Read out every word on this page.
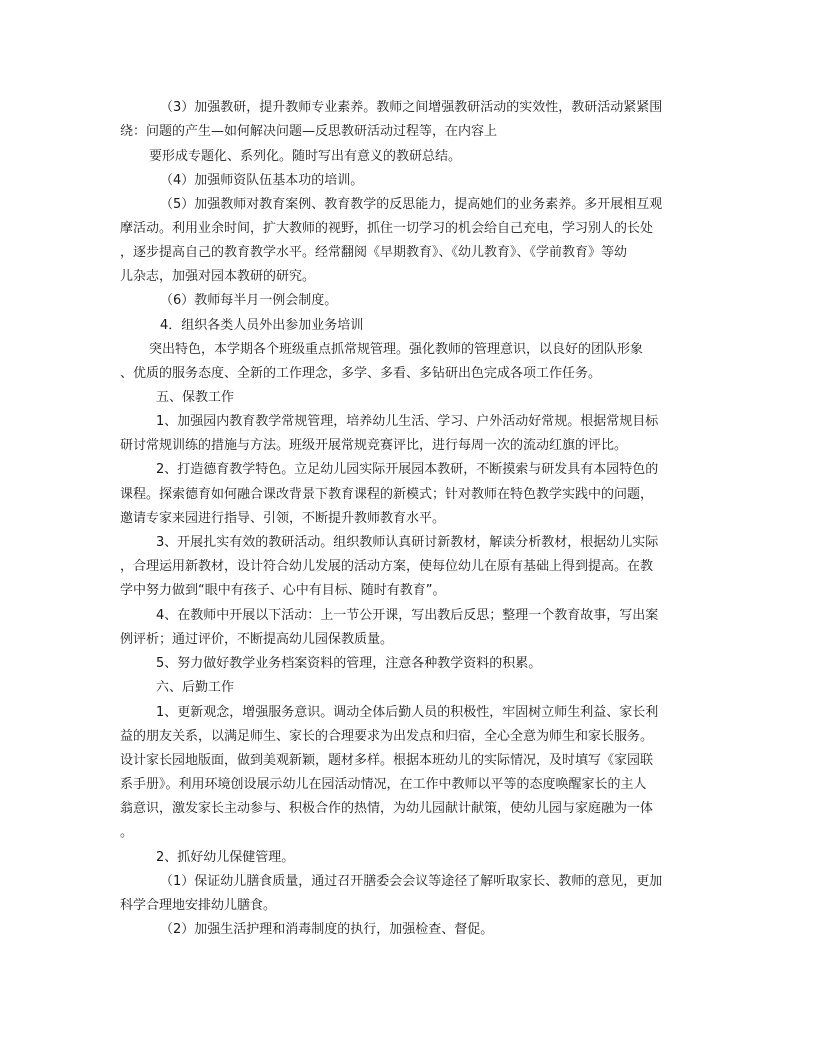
（3）加强教研，提升教师专业素养。教师之间增强教研活动的实效性，教研活动紧紧围
绕：问题的产生—如何解决问题—反思教研活动过程等，在内容上
要形成专题化、系列化。随时写出有意义的教研总结。
（4）加强师资队伍基本功的培训。
（5）加强教师对教育案例、教育教学的反思能力，提高她们的业务素养。多开展相互观
摩活动。利用业余时间，扩大教师的视野，抓住一切学习的机会给自己充电，学习别人的长处
，逐步提高自己的教育教学水平。经常翻阅《早期教育》、《幼儿教育》、《学前教育》等幼
儿杂志，加强对园本教研的研究。
（6）教师每半月一例会制度。
4．组织各类人员外出参加业务培训
突出特色，本学期各个班级重点抓常规管理。强化教师的管理意识，以良好的团队形象
、优质的服务态度、全新的工作理念，多学、多看、多钻研出色完成各项工作任务。
五、保教工作
1、加强园内教育教学常规管理，培养幼儿生活、学习、户外活动好常规。根据常规目标
研讨常规训练的措施与方法。班级开展常规竞赛评比，进行每周一次的流动红旗的评比。
2、打造德育教学特色。立足幼儿园实际开展园本教研，不断摸索与研发具有本园特色的
课程。探索德育如何融合课改背景下教育课程的新模式；针对教师在特色教学实践中的问题，
邀请专家来园进行指导、引领，不断提升教师教育水平。
3、开展扎实有效的教研活动。组织教师认真研讨新教材，解读分析教材，根据幼儿实际
，合理运用新教材，设计符合幼儿发展的活动方案，使每位幼儿在原有基础上得到提高。在教
学中努力做到“眼中有孩子、心中有目标、随时有教育”。
4、在教师中开展以下活动：上一节公开课，写出教后反思；整理一个教育故事，写出案
例评析；通过评价，不断提高幼儿园保教质量。
5、努力做好教学业务档案资料的管理，注意各种教学资料的积累。
六、后勤工作
1、更新观念，增强服务意识。调动全体后勤人员的积极性，牢固树立师生利益、家长利
益的朋友关系，以满足师生、家长的合理要求为出发点和归宿，全心全意为师生和家长服务。
设计家长园地版面，做到美观新颖，题材多样。根据本班幼儿的实际情况，及时填写《家园联
系手册》。利用环境创设展示幼儿在园活动情况，在工作中教师以平等的态度唤醒家长的主人
翁意识，激发家长主动参与、积极合作的热情，为幼儿园献计献策，使幼儿园与家庭融为一体
。
2、抓好幼儿保健管理。
（1）保证幼儿膳食质量，通过召开膳委会会议等途径了解听取家长、教师的意见，更加
科学合理地安排幼儿膳食。
（2）加强生活护理和消毒制度的执行，加强检查、督促。
